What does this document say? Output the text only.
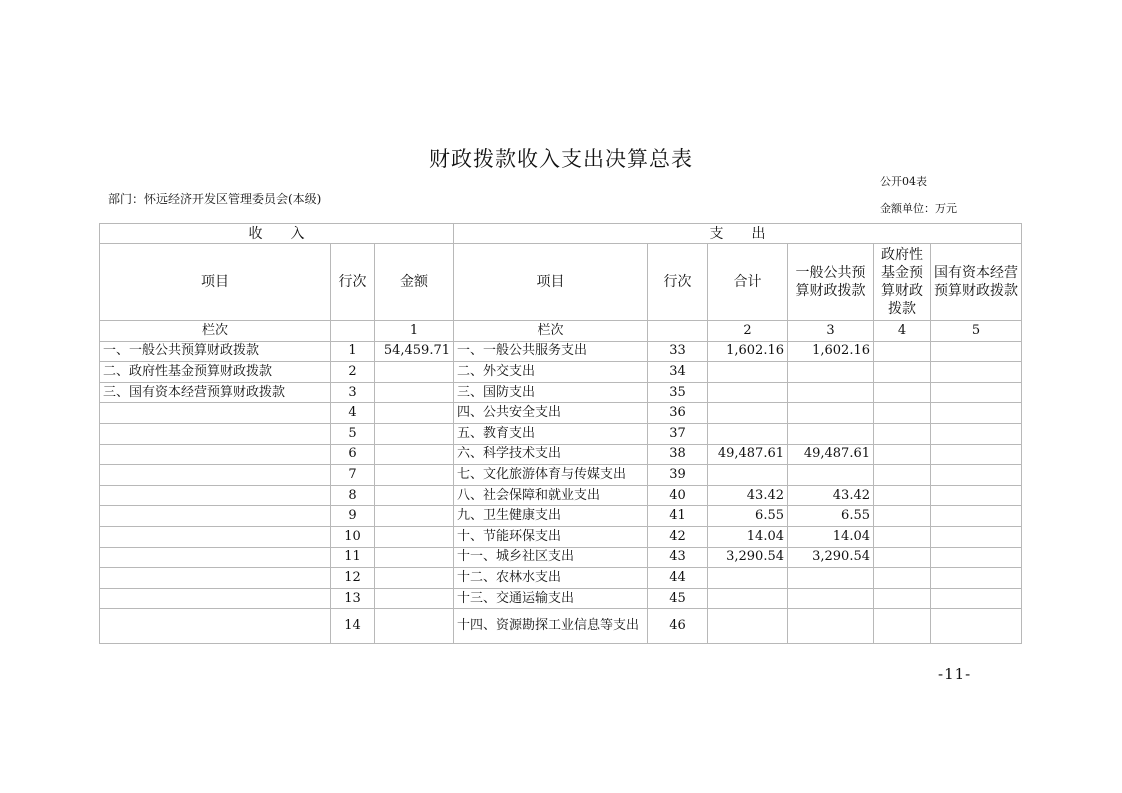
财政拨款收入支出决算总表
公开04表
部门：怀远经济开发区管理委员会(本级)
金额单位：万元
收　　入			支　　出					
项目	行次	金额	项目	行次	合计	一般公共预算财政拨款	政府性基金预算财政拨款	国有资本经营预算财政拨款
栏次		1	栏次		2	3	4	5
一、一般公共预算财政拨款	1	54,459.71	一、一般公共服务支出	33	1,602.16	1,602.16		
二、政府性基金预算财政拨款	2		二、外交支出	34				
三、国有资本经营预算财政拨款	3		三、国防支出	35				
	4		四、公共安全支出	36				
	5		五、教育支出	37				
	6		六、科学技术支出	38	49,487.61	49,487.61		
	7		七、文化旅游体育与传媒支出	39				
	8		八、社会保障和就业支出	40	43.42	43.42		
	9		九、卫生健康支出	41	6.55	6.55		
	10		十、节能环保支出	42	14.04	14.04		
	11		十一、城乡社区支出	43	3,290.54	3,290.54		
	12		十二、农林水支出	44				
	13		十三、交通运输支出	45				
	14		十四、资源勘探工业信息等支出	46				
-11-
